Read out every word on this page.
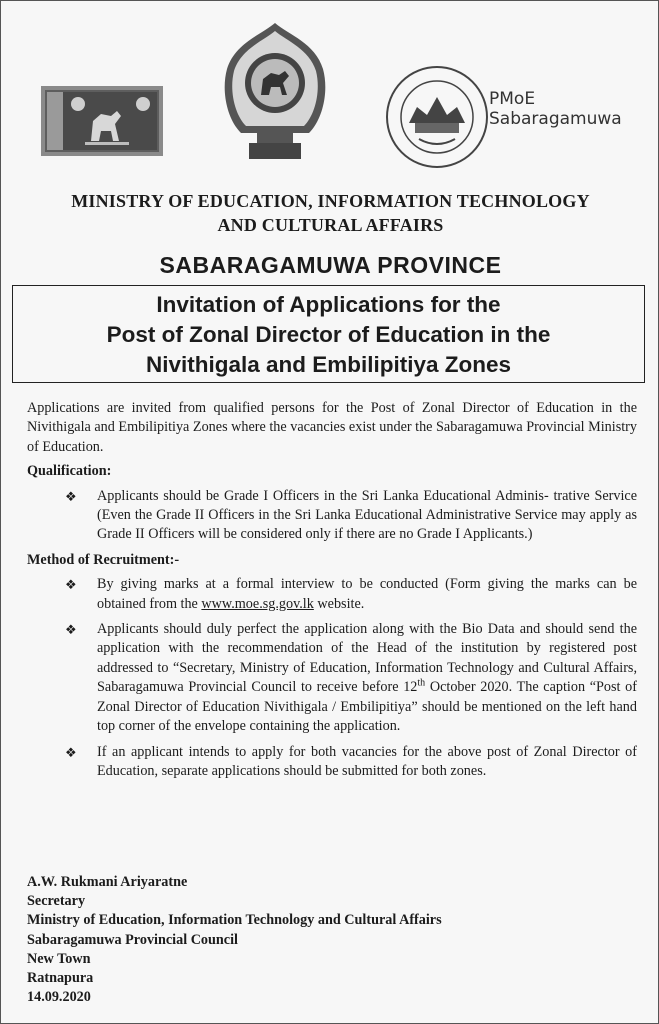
PMoE
Sabaragamuwa
MINISTRY OF EDUCATION, INFORMATION TECHNOLOGY
AND CULTURAL AFFAIRS
SABARAGAMUWA PROVINCE
Invitation of Applications for the
Post of Zonal Director of Education in the
Nivithigala and Embilipitiya Zones
Applications are invited from qualified persons for the Post of Zonal Director of Education in the Nivithigala and Embilipitiya Zones where the vacancies exist under the Sabaragamuwa Provincial Ministry of Education.
Qualification:
❖ Applicants should be Grade I Officers in the Sri Lanka Educational Adminis- trative Service (Even the Grade II Officers in the Sri Lanka Educational Administrative Service may apply as Grade II Officers will be considered only if there are no Grade I Applicants.)
Method of Recruitment:-
❖ By giving marks at a formal interview to be conducted (Form giving the marks can be obtained from the www.moe.sg.gov.lk website.
❖ Applicants should duly perfect the application along with the Bio Data and should send the application with the recommendation of the Head of the institution by registered post addressed to “Secretary, Ministry of Education, Information Technology and Cultural Affairs, Sabaragamuwa Provincial Council to receive before 12th October 2020. The caption “Post of Zonal Director of Education Nivithigala / Embilipitiya” should be mentioned on the left hand top corner of the envelope containing the application.
❖ If an applicant intends to apply for both vacancies for the above post of Zonal Director of Education, separate applications should be submitted for both zones.
A.W. Rukmani Ariyaratne
Secretary
Ministry of Education, Information Technology and Cultural Affairs
Sabaragamuwa Provincial Council
New Town
Ratnapura
14.09.2020
